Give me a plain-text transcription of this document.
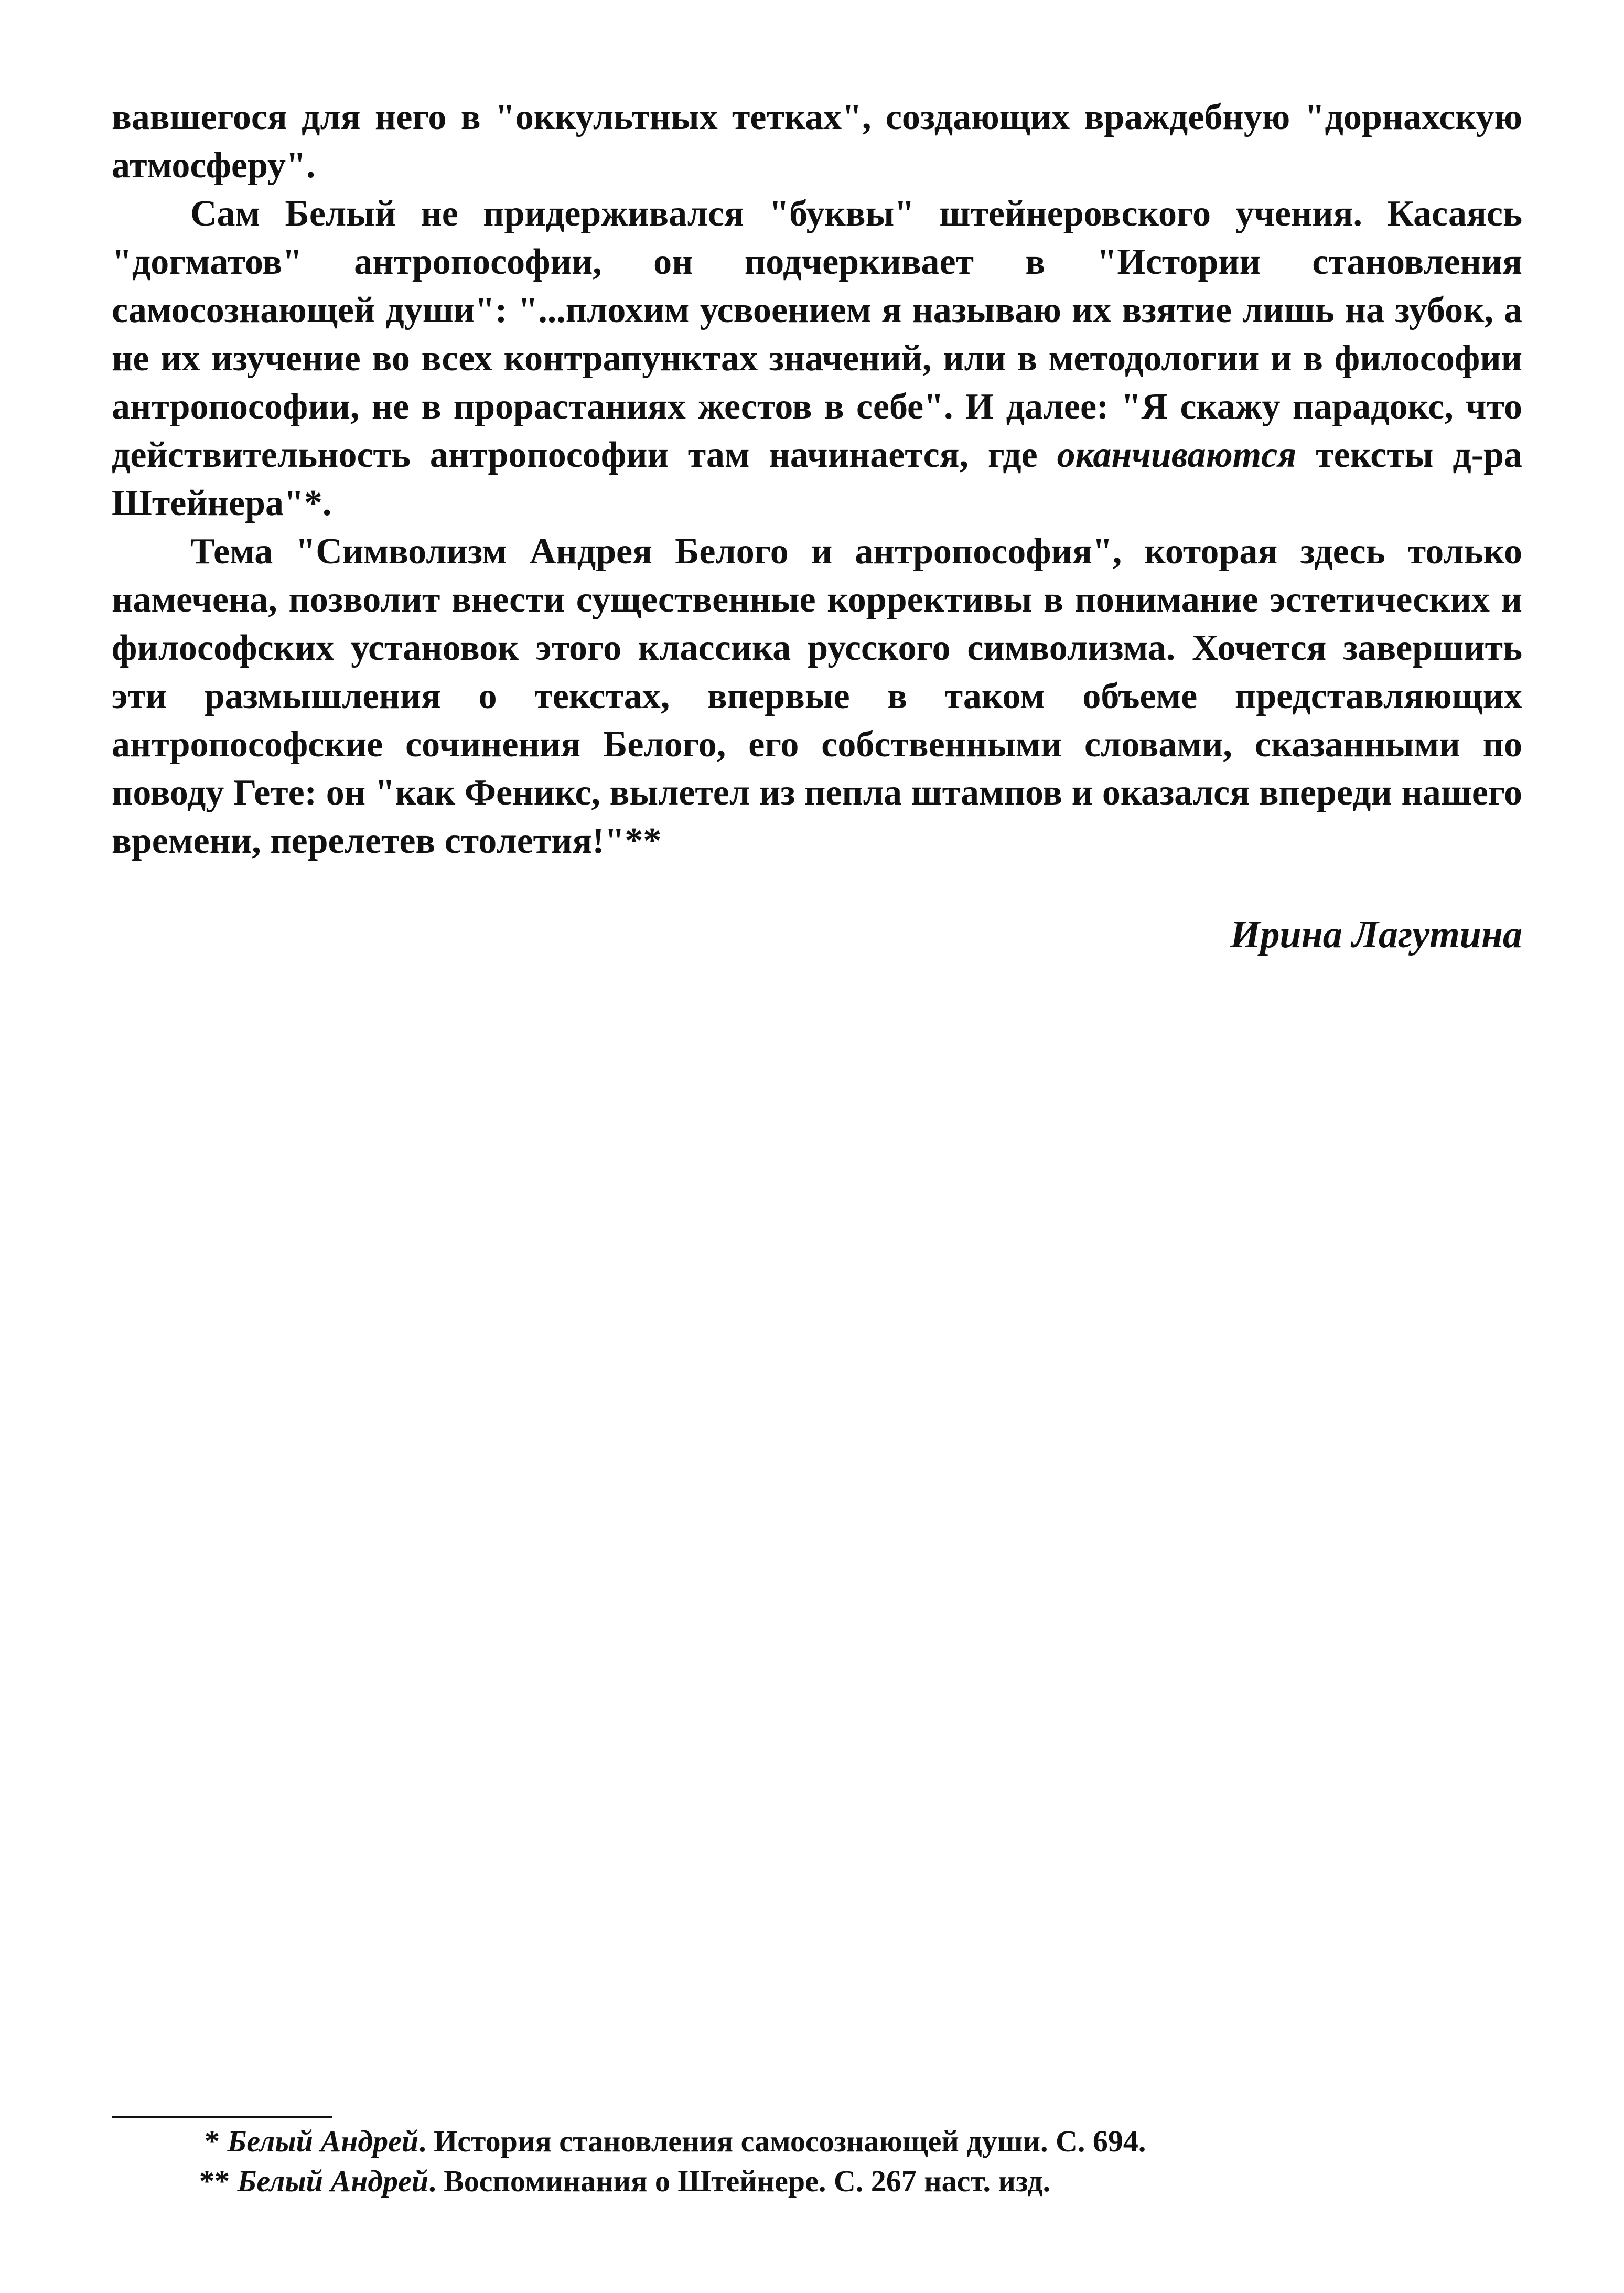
вавшегося для него в "оккультных тетках", создающих враждебную "дорнахскую атмосферу".

Сам Белый не придерживался "буквы" штейнеровского учения. Касаясь "догматов" антропософии, он подчеркивает в "Истории становления самосознающей души": "...плохим усвоением я называю их взятие лишь на зубок, а не их изучение во всех контрапунктах значений, или в методологии и в философии антропософии, не в прорастаниях жестов в себе". И далее: "Я скажу парадокс, что действительность антропософии там начинается, где оканчиваются тексты д-ра Штейнера"*.

Тема "Символизм Андрея Белого и антропософия", которая здесь только намечена, позволит внести существенные коррективы в понимание эстетических и философских установок этого классика русского символизма. Хочется завершить эти размышления о текстах, впервые в таком объеме представляющих антропософские сочинения Белого, его собственными словами, сказанными по поводу Гете: он "как Феникс, вылетел из пепла штампов и оказался впереди нашего времени, перелетев столетия!"**

Ирина Лагутина
* Белый Андрей. История становления самосознающей души. С. 694.
** Белый Андрей. Воспоминания о Штейнере. С. 267 наст. изд.
